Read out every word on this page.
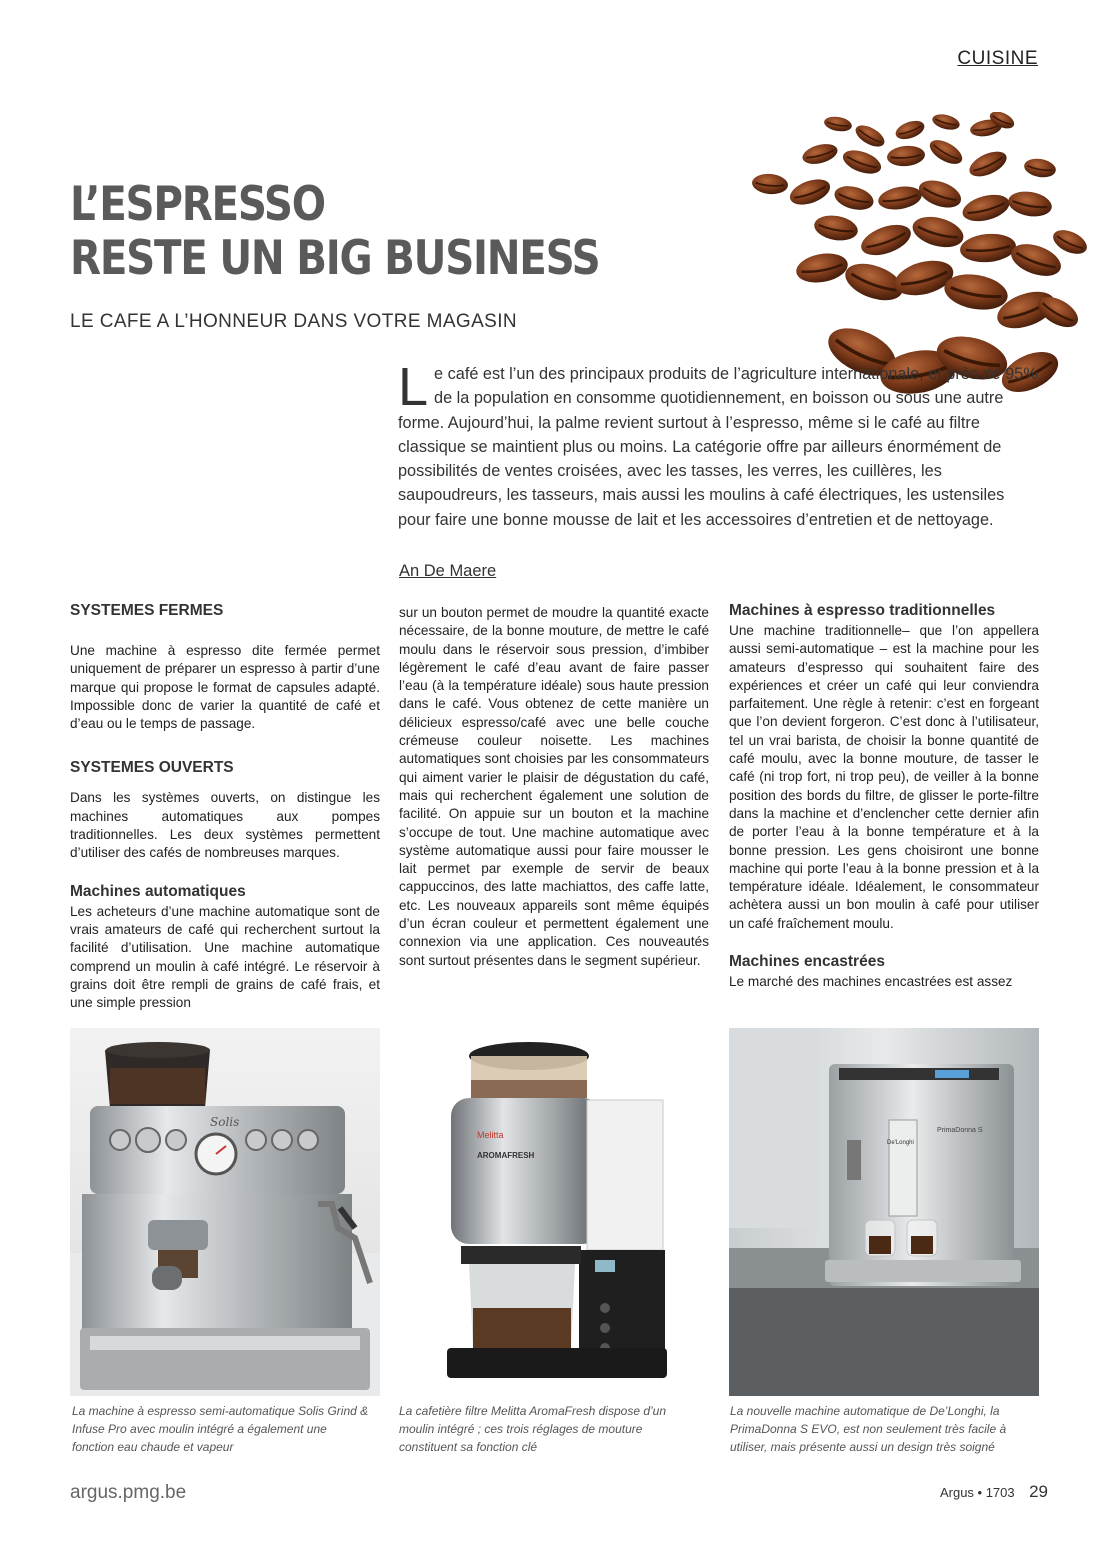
CUISINE
L’ESPRESSO
RESTE UN BIG BUSINESS
LE CAFE A L’HONNEUR DANS VOTRE MAGASIN

Le café est l’un des principaux produits de l’agriculture internationale, et près de 95% de la population en consomme quotidiennement, en boisson ou sous une autre forme. Aujourd’hui, la palme revient surtout à l’espresso, même si le café au filtre classique se maintient plus ou moins. La catégorie offre par ailleurs énormément de possibilités de ventes croisées, avec les tasses, les verres, les cuillères, les saupoudreurs, les tasseurs, mais aussi les moulins à café électriques, les ustensiles pour faire une bonne mousse de lait et les accessoires d’entretien et de nettoyage.

An De Maere
SYSTEMES FERMES

Une machine à espresso dite fermée permet uniquement de préparer un espresso à partir d’une marque qui propose le format de capsules adapté. Impossible donc de varier la quantité de café et d’eau ou le temps de passage.

SYSTEMES OUVERTS

Dans les systèmes ouverts, on distingue les machines automatiques aux pompes traditionnelles. Les deux systèmes permettent d’utiliser des cafés de nombreuses marques.

Machines automatiques

Les acheteurs d’une machine automatique sont de vrais amateurs de café qui recherchent surtout la facilité d’utilisation. Une machine automatique comprend un moulin à café intégré. Le réservoir à grains doit être rempli de grains de café frais, et une simple pression

sur un bouton permet de moudre la quantité exacte nécessaire, de la bonne mouture, de mettre le café moulu dans le réservoir sous pression, d’imbiber légèrement le café d’eau avant de faire passer l’eau (à la température idéale) sous haute pression dans le café. Vous obtenez de cette manière un délicieux espresso/café avec une belle couche crémeuse couleur noisette. Les machines automatiques sont choisies par les consommateurs qui aiment varier le plaisir de dégustation du café, mais qui recherchent également une solution de facilité. On appuie sur un bouton et la machine s’occupe de tout. Une machine automatique avec système automatique aussi pour faire mousser le lait permet par exemple de servir de beaux cappuccinos, des latte machiattos, des caffe latte, etc. Les nouveaux appareils sont même équipés d’un écran couleur et permettent également une connexion via une application. Ces nouveautés sont surtout présentes dans le segment supérieur.

Machines à espresso traditionnelles

Une machine traditionnelle– que l’on appellera aussi semi-automatique – est la machine pour les amateurs d’espresso qui souhaitent faire des expériences et créer un café qui leur conviendra parfaitement. Une règle à retenir: c’est en forgeant que l’on devient forgeron. C’est donc à l’utilisateur, tel un vrai barista, de choisir la bonne quantité de café moulu, avec la bonne mouture, de tasser le café (ni trop fort, ni trop peu), de veiller à la bonne position des bords du filtre, de glisser le porte-filtre dans la machine et d’enclencher cette dernier afin de porter l’eau à la bonne température et à la bonne pression. Les gens choisiront une bonne machine qui porte l’eau à la bonne pression et à la température idéale. Idéalement, le consommateur achètera aussi un bon moulin à café pour utiliser un café fraîchement moulu.

Machines encastrées

Le marché des machines encastrées est assez

Solis
Melitta
AROMAFRESH
PrimaDonna S
De'Longhi
La machine à espresso semi-automatique Solis Grind & Infuse Pro avec moulin intégré a également une fonction eau chaude et vapeur
La cafetière filtre Melitta AromaFresh dispose d’un moulin intégré ; ces trois réglages de mouture constituent sa fonction clé
La nouvelle machine automatique de De’Longhi, la PrimaDonna S EVO, est non seulement très facile à utiliser, mais présente aussi un design très soigné
argus.pmg.be	Argus • 1703 29
